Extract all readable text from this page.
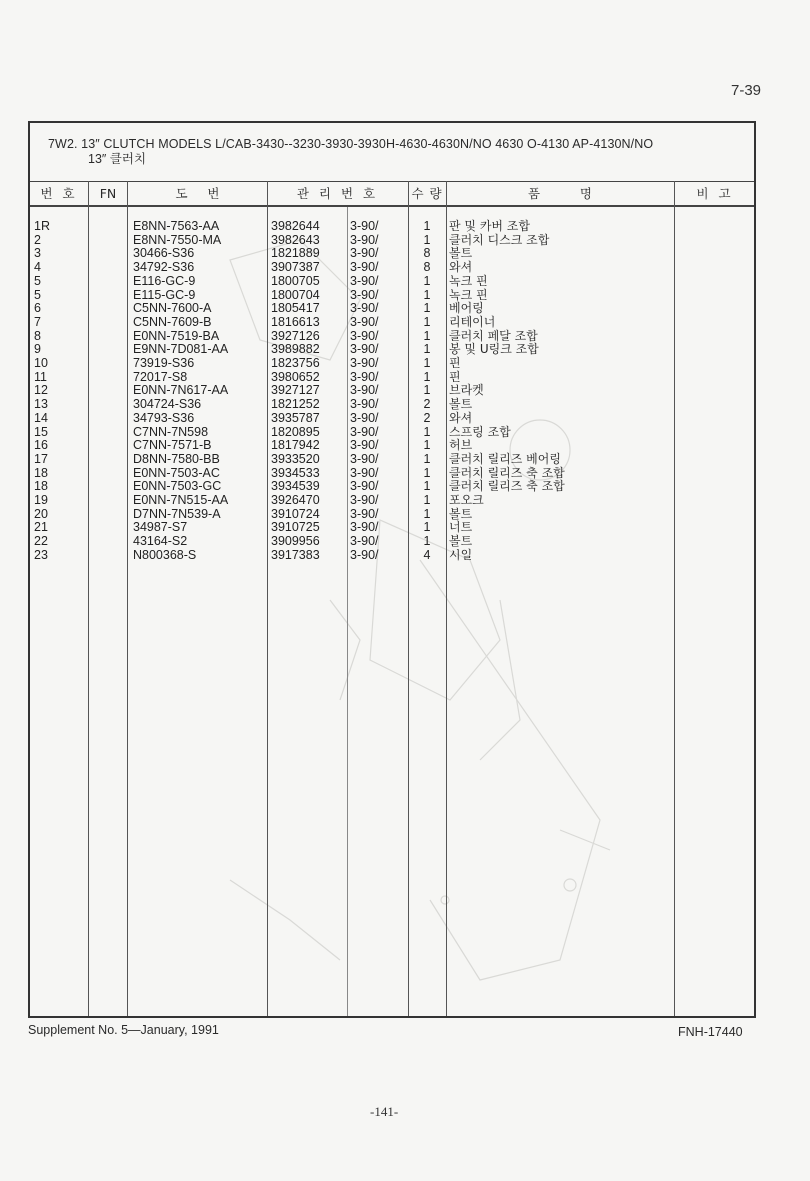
7-39
7W2. 13″ CLUTCH MODELS L/CAB-3430--3230-3930-3930H-4630-4630N/NO 4630 O-4130 AP-4130N/NO
13″ 클러치
번 호	FN	도     번	관 리 번 호	수 량	품          명	비 고
1R	E8NN-7563-AA	3982644 3-90/	1	판 및 카버 조합
2	E8NN-7550-MA	3982643 3-90/	1	클러치 디스크 조합
3	30466-S36	1821889 3-90/	8	볼트
4	34792-S36	3907387 3-90/	8	와셔
5	E116-GC-9	1800705 3-90/	1	녹크 핀
5	E115-GC-9	1800704 3-90/	1	녹크 핀
6	C5NN-7600-A	1805417 3-90/	1	베어링
7	C5NN-7609-B	1816613 3-90/	1	리테이너
8	E0NN-7519-BA	3927126 3-90/	1	클러치 페달 조합
9	E9NN-7D081-AA	3989882 3-90/	1	봉 및 U링크 조합
10	73919-S36	1823756 3-90/	1	핀
11	72017-S8	3980652 3-90/	1	핀
12	E0NN-7N617-AA	3927127 3-90/	1	브라켓
13	304724-S36	1821252 3-90/	2	볼트
14	34793-S36	3935787 3-90/	2	와셔
15	C7NN-7N598	1820895 3-90/	1	스프링 조합
16	C7NN-7571-B	1817942 3-90/	1	허브
17	D8NN-7580-BB	3933520 3-90/	1	클러치 릴리즈 베어링
18	E0NN-7503-AC	3934533 3-90/	1	클러치 릴리즈 축 조합
18	E0NN-7503-GC	3934539 3-90/	1	클러치 릴리즈 축 조합
19	E0NN-7N515-AA	3926470 3-90/	1	포오크
20	D7NN-7N539-A	3910724 3-90/	1	볼트
21	34987-S7	3910725 3-90/	1	너트
22	43164-S2	3909956 3-90/	1	볼트
23	N800368-S	3917383 3-90/	4	시일
Supplement No. 5—January, 1991	FNH-17440
-141-
